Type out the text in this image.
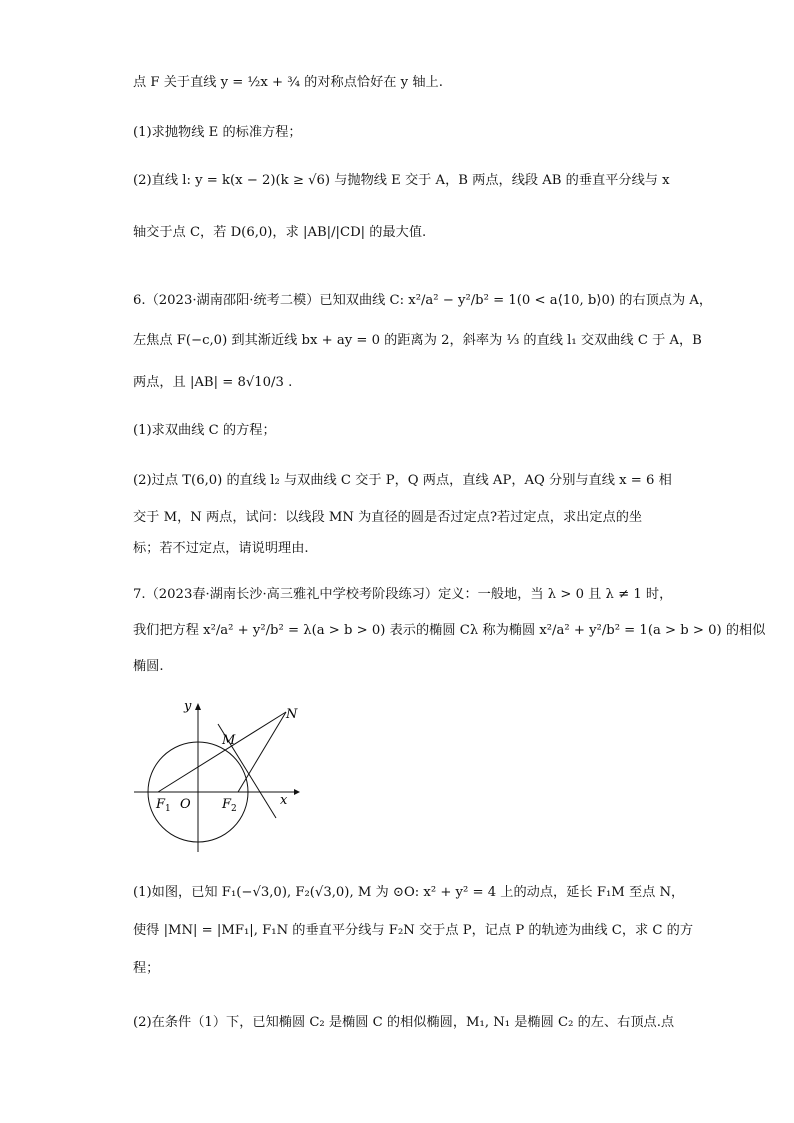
点 F 关于直线 y = ½x + ¾ 的对称点恰好在 y 轴上.
(1)求抛物线 E 的标准方程；
(2)直线 l: y = k(x − 2)(k ≥ √6) 与抛物线 E 交于 A，B 两点，线段 AB 的垂直平分线与 x
轴交于点 C，若 D(6,0)，求 |AB|/|CD| 的最大值.
6.（2023·湖南邵阳·统考二模）已知双曲线 C: x²/a² − y²/b² = 1(0 < a⟨10, b⟩0) 的右顶点为 A，
左焦点 F(−c,0) 到其渐近线 bx + ay = 0 的距离为 2，斜率为 ⅓ 的直线 l₁ 交双曲线 C 于 A，B
两点，且 |AB| = 8√10/3 .
(1)求双曲线 C 的方程；
(2)过点 T(6,0) 的直线 l₂ 与双曲线 C 交于 P，Q 两点，直线 AP，AQ 分别与直线 x = 6 相
交于 M，N 两点，试问：以线段 MN 为直径的圆是否过定点?若过定点，求出定点的坐
标；若不过定点，请说明理由.
7.（2023春·湖南长沙·高三雅礼中学校考阶段练习）定义：一般地，当 λ > 0 且 λ ≠ 1 时，
我们把方程 x²/a² + y²/b² = λ(a > b > 0) 表示的椭圆 Cλ 称为椭圆 x²/a² + y²/b² = 1(a > b > 0) 的相似
椭圆.
y
x
O
M
N
F 1	F 2
(1)如图，已知 F₁(−√3,0), F₂(√3,0), M 为 ⊙O: x² + y² = 4 上的动点，延长 F₁M 至点 N，
使得 |MN| = |MF₁|, F₁N 的垂直平分线与 F₂N 交于点 P，记点 P 的轨迹为曲线 C，求 C 的方
程；
(2)在条件（1）下，已知椭圆 C₂ 是椭圆 C 的相似椭圆，M₁, N₁ 是椭圆 C₂ 的左、右顶点.点
